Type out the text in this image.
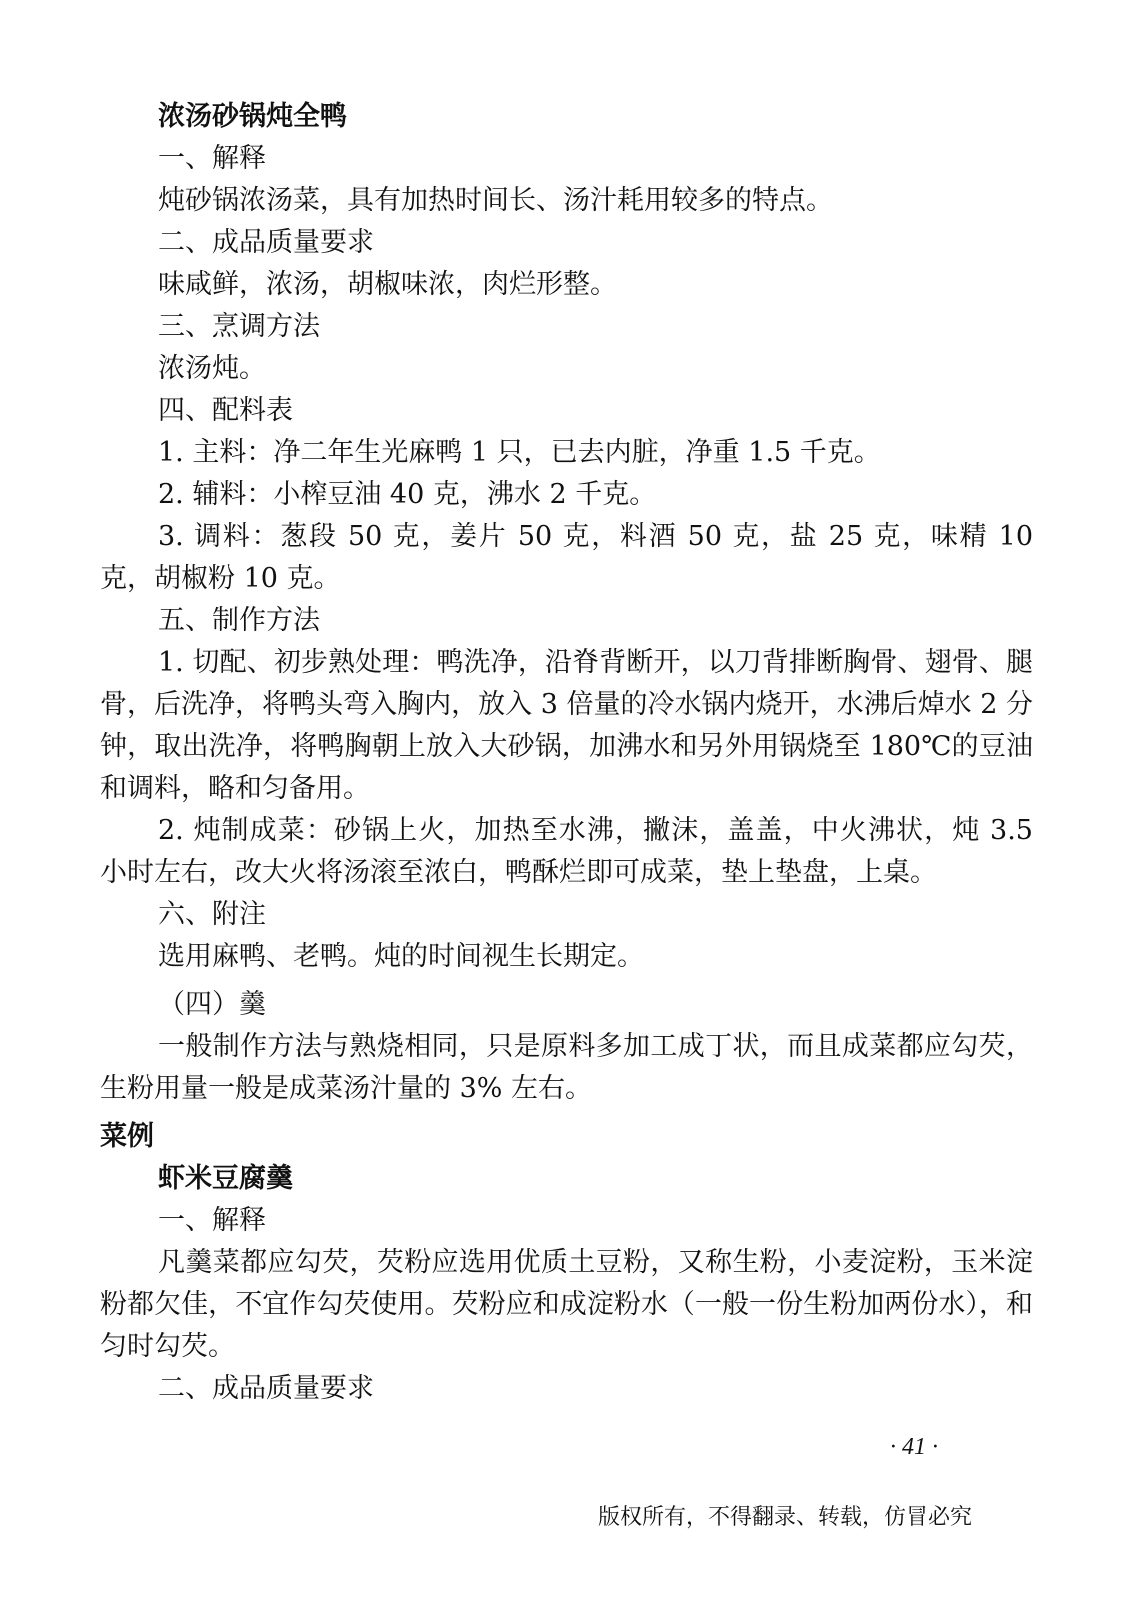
浓汤砂锅炖全鸭

一、解释

炖砂锅浓汤菜，具有加热时间长、汤汁耗用较多的特点。

二、成品质量要求

味咸鲜，浓汤，胡椒味浓，肉烂形整。

三、烹调方法

浓汤炖。

四、配料表

1. 主料：净二年生光麻鸭 1 只，已去内脏，净重 1.5 千克。

2. 辅料：小榨豆油 40 克，沸水 2 千克。

3. 调料：葱段 50 克，姜片 50 克，料酒 50 克，盐 25 克，味精 10 克，胡椒粉 10 克。

五、制作方法

1. 切配、初步熟处理：鸭洗净，沿脊背断开，以刀背排断胸骨、翅骨、腿骨，后洗净，将鸭头弯入胸内，放入 3 倍量的冷水锅内烧开，水沸后焯水 2 分钟，取出洗净，将鸭胸朝上放入大砂锅，加沸水和另外用锅烧至 180℃的豆油和调料，略和匀备用。

2. 炖制成菜：砂锅上火，加热至水沸，撇沫，盖盖，中火沸状，炖 3.5 小时左右，改大火将汤滚至浓白，鸭酥烂即可成菜，垫上垫盘，上桌。

六、附注

选用麻鸭、老鸭。炖的时间视生长期定。

（四）羹

一般制作方法与熟烧相同，只是原料多加工成丁状，而且成菜都应勾芡，生粉用量一般是成菜汤汁量的 3% 左右。

菜例

虾米豆腐羹

一、解释

凡羹菜都应勾芡，芡粉应选用优质土豆粉，又称生粉，小麦淀粉，玉米淀粉都欠佳，不宜作勾芡使用。芡粉应和成淀粉水（一般一份生粉加两份水），和匀时勾芡。

二、成品质量要求

· 41 ·
版权所有，不得翻录、转载，仿冒必究
